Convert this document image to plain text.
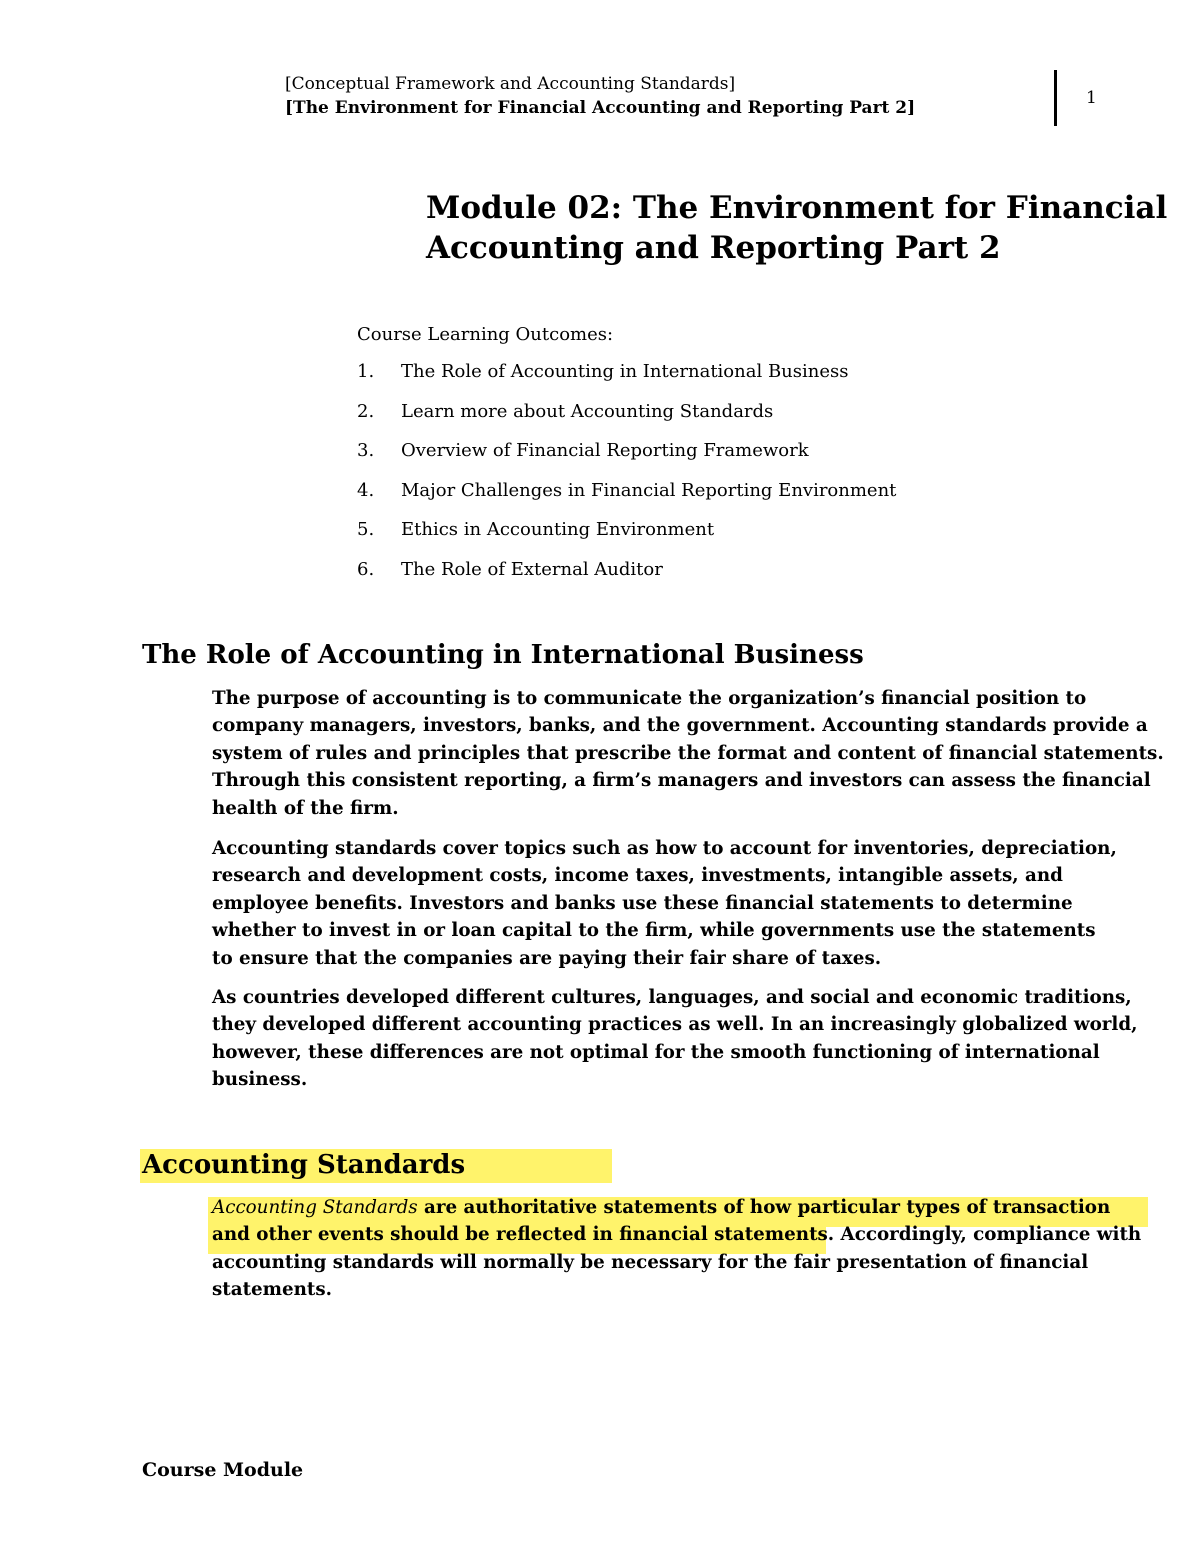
[Conceptual Framework and Accounting Standards]
[The Environment for Financial Accounting and Reporting Part 2]	1
Module 02: The Environment for Financial
Accounting and Reporting Part 2
Course Learning Outcomes:
1. The Role of Accounting in International Business
2. Learn more about Accounting Standards
3. Overview of Financial Reporting Framework
4. Major Challenges in Financial Reporting Environment
5. Ethics in Accounting Environment
6. The Role of External Auditor
The Role of Accounting in International Business

The purpose of accounting is to communicate the organization’s financial position to
company managers, investors, banks, and the government. Accounting standards provide a
system of rules and principles that prescribe the format and content of financial statements.
Through this consistent reporting, a firm’s managers and investors can assess the financial
health of the firm.

Accounting standards cover topics such as how to account for inventories, depreciation,
research and development costs, income taxes, investments, intangible assets, and
employee benefits. Investors and banks use these financial statements to determine
whether to invest in or loan capital to the firm, while governments use the statements
to ensure that the companies are paying their fair share of taxes.

As countries developed different cultures, languages, and social and economic traditions,
they developed different accounting practices as well. In an increasingly globalized world,
however, these differences are not optimal for the smooth functioning of international
business.

Accounting Standards

Accounting Standards are authoritative statements of how particular types of transaction
and other events should be reflected in financial statements. Accordingly, compliance with
accounting standards will normally be necessary for the fair presentation of financial
statements.

Course Module
